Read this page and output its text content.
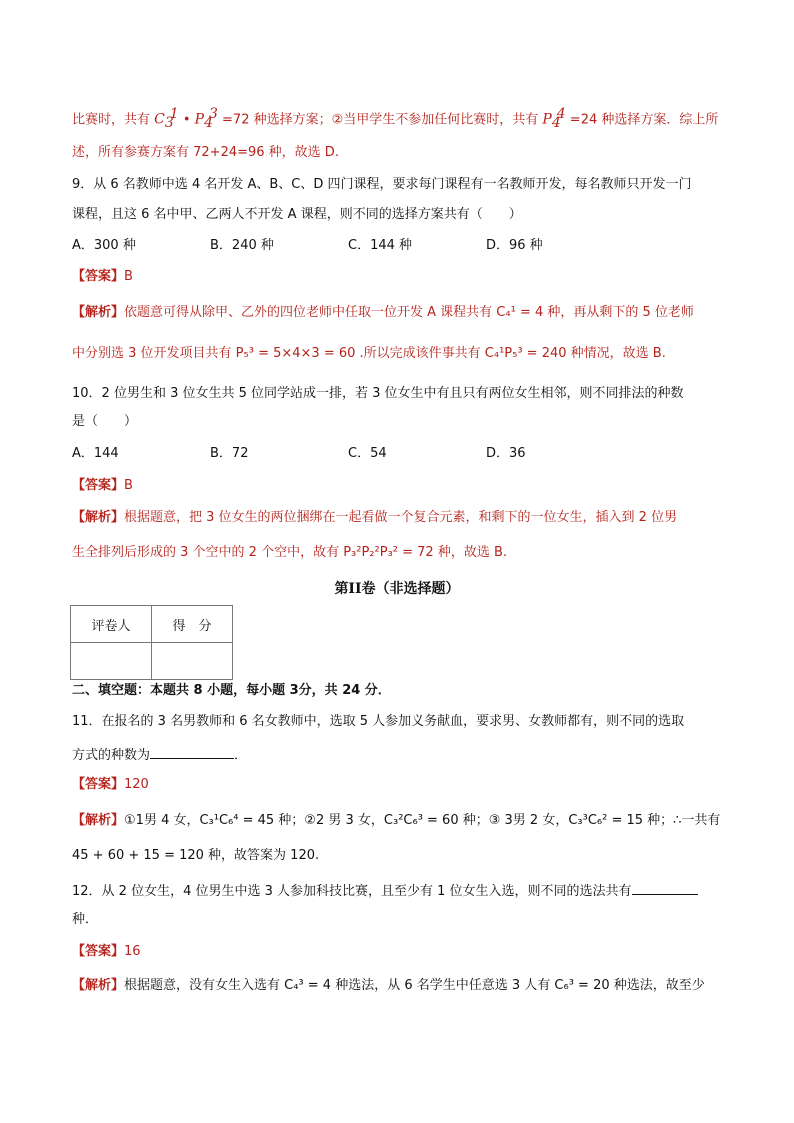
比赛时，共有 $C_3^1$ • $P_4^3 =72$ 种选择方案；②当甲学生不参加任何比赛时，共有 $P_4^4 =24$ 种选择方案．综上所
述，所有参赛方案有 72+24=96 种，故选 D.
9．从 6 名教师中选 4 名开发 A、B、C、D 四门课程，要求每门课程有一名教师开发，每名教师只开发一门
课程，且这 6 名中甲、乙两人不开发 A 课程，则不同的选择方案共有（　　）
A．300 种	B．240 种	C．144 种	D．96 种
【答案】B
【解析】依题意可得从除甲、乙外的四位老师中任取一位开发 A 课程共有 C₄¹ = 4 种，再从剩下的 5 位老师
中分别选 3 位开发项目共有 P₅³ = 5×4×3 = 60 .所以完成该件事共有 C₄¹P₅³ = 240 种情况，故选 B.
10．2 位男生和 3 位女生共 5 位同学站成一排，若 3 位女生中有且只有两位女生相邻，则不同排法的种数
是（　　）
A．144	B．72	C．54	D．36
【答案】B
【解析】根据题意，把 3 位女生的两位捆绑在一起看做一个复合元素，和剩下的一位女生，插入到 2 位男
生全排列后形成的 3 个空中的 2 个空中，故有 P₃²P₂²P₃² = 72 种，故选 B.
第II卷（非选择题）
评卷人	得　分

二、填空题：本题共 8 小题，每小题 3分，共 24 分．
11．在报名的 3 名男教师和 6 名女教师中，选取 5 人参加义务献血，要求男、女教师都有，则不同的选取
方式的种数为	．
【答案】120
【解析】①1男 4 女，C₃¹C₆⁴ = 45 种；②2 男 3 女，C₃²C₆³ = 60 种；③ 3男 2 女，C₃³C₆² = 15 种；∴一共有
45 + 60 + 15 = 120 种，故答案为 120.
12．从 2 位女生，4 位男生中选 3 人参加科技比赛，且至少有 1 位女生入选，则不同的选法共有
种．
【答案】16
【解析】根据题意，没有女生入选有 C₄³ = 4 种选法，从 6 名学生中任意选 3 人有 C₆³ = 20 种选法，故至少
